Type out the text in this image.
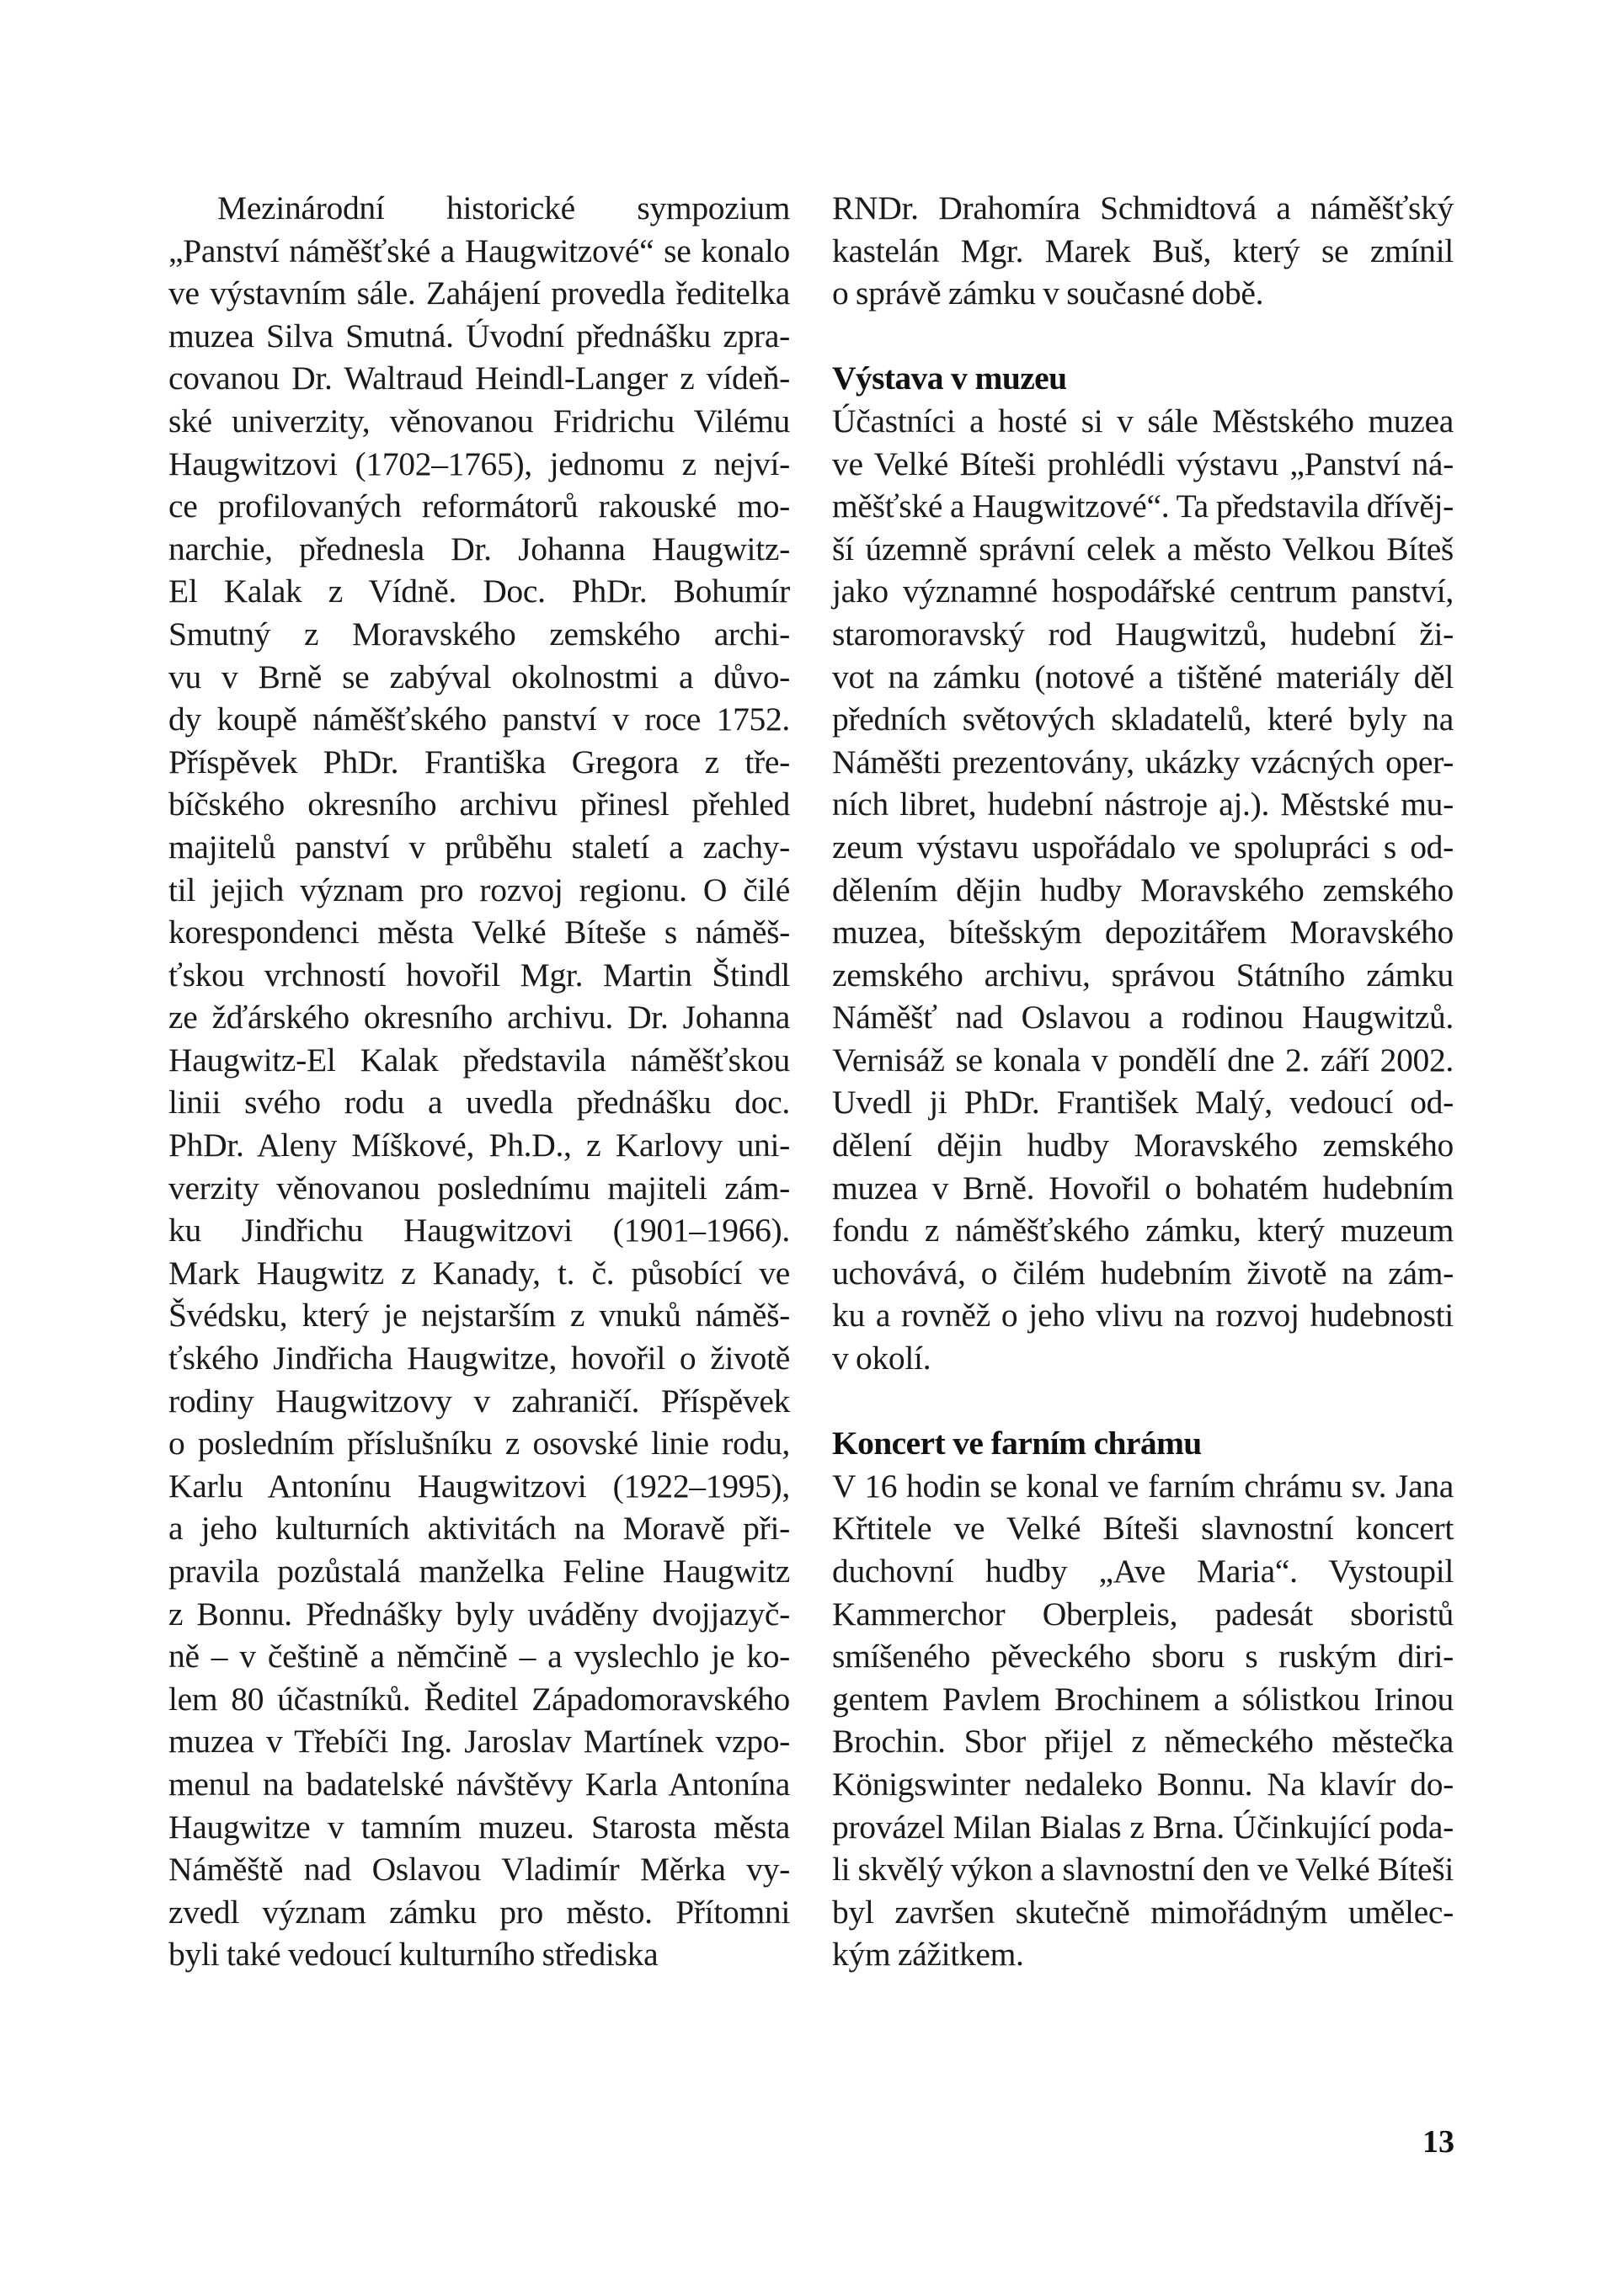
Mezinárodní historické sympozium
„Panství náměšťské a Haugwitzové“ se konalo
ve výstavním sále. Zahájení provedla ředitelka
muzea Silva Smutná. Úvodní přednášku zpra-
covanou Dr. Waltraud Heindl-Langer z vídeň-
ské univerzity, věnovanou Fridrichu Vilému
Haugwitzovi (1702–1765), jednomu z nejví-
ce profilovaných reformátorů rakouské mo-
narchie, přednesla Dr. Johanna Haugwitz-
El Kalak z Vídně. Doc. PhDr. Bohumír
Smutný z Moravského zemského archi-
vu v Brně se zabýval okolnostmi a důvo-
dy koupě náměšťského panství v roce 1752.
Příspěvek PhDr. Františka Gregora z tře-
bíčského okresního archivu přinesl přehled
majitelů panství v průběhu staletí a zachy-
til jejich význam pro rozvoj regionu. O čilé
korespondenci města Velké Bíteše s náměš-
ťskou vrchností hovořil Mgr. Martin Štindl
ze žďárského okresního archivu. Dr. Johanna
Haugwitz-El Kalak představila náměšťskou
linii svého rodu a uvedla přednášku doc.
PhDr. Aleny Míškové, Ph.D., z Karlovy uni-
verzity věnovanou poslednímu majiteli zám-
ku Jindřichu Haugwitzovi (1901–1966).
Mark Haugwitz z Kanady, t. č. působící ve
Švédsku, který je nejstarším z vnuků náměš-
ťského Jindřicha Haugwitze, hovořil o životě
rodiny Haugwitzovy v zahraničí. Příspěvek
o posledním příslušníku z osovské linie rodu,
Karlu Antonínu Haugwitzovi (1922–1995),
a jeho kulturních aktivitách na Moravě při-
pravila pozůstalá manželka Feline Haugwitz
z Bonnu. Přednášky byly uváděny dvojjazyč-
ně – v češtině a němčině – a vyslechlo je ko-
lem 80 účastníků. Ředitel Západomoravského
muzea v Třebíči Ing. Jaroslav Martínek vzpo-
menul na badatelské návštěvy Karla Antonína
Haugwitze v tamním muzeu. Starosta města
Náměště nad Oslavou Vladimír Měrka vy-
zvedl význam zámku pro město. Přítomni
byli také vedoucí kulturního střediska
RNDr. Drahomíra Schmidtová a náměšťský
kastelán Mgr. Marek Buš, který se zmínil
o správě zámku v současné době.
Výstava v muzeu
Účastníci a hosté si v sále Městského muzea
ve Velké Bíteši prohlédli výstavu „Panství ná-
měšťské a Haugwitzové“. Ta představila dřívěj-
ší územně správní celek a město Velkou Bíteš
jako významné hospodářské centrum panství,
staromoravský rod Haugwitzů, hudební ži-
vot na zámku (notové a tištěné materiály děl
předních světových skladatelů, které byly na
Náměšti prezentovány, ukázky vzácných oper-
ních libret, hudební nástroje aj.). Městské mu-
zeum výstavu uspořádalo ve spolupráci s od-
dělením dějin hudby Moravského zemského
muzea, bítešským depozitářem Moravského
zemského archivu, správou Státního zámku
Náměšť nad Oslavou a rodinou Haugwitzů.
Vernisáž se konala v pondělí dne 2. září 2002.
Uvedl ji PhDr. František Malý, vedoucí od-
dělení dějin hudby Moravského zemského
muzea v Brně. Hovořil o bohatém hudebním
fondu z náměšťského zámku, který muzeum
uchovává, o čilém hudebním životě na zám-
ku a rovněž o jeho vlivu na rozvoj hudebnosti
v okolí.
Koncert ve farním chrámu
V 16 hodin se konal ve farním chrámu sv. Jana
Křtitele ve Velké Bíteši slavnostní koncert
duchovní hudby „Ave Maria“. Vystoupil
Kammerchor Oberpleis, padesát sboristů
smíšeného pěveckého sboru s ruským diri-
gentem Pavlem Brochinem a sólistkou Irinou
Brochin. Sbor přijel z německého městečka
Königswinter nedaleko Bonnu. Na klavír do-
provázel Milan Bialas z Brna. Účinkující poda-
li skvělý výkon a slavnostní den ve Velké Bíteši
byl završen skutečně mimořádným umělec-
kým zážitkem.
13
